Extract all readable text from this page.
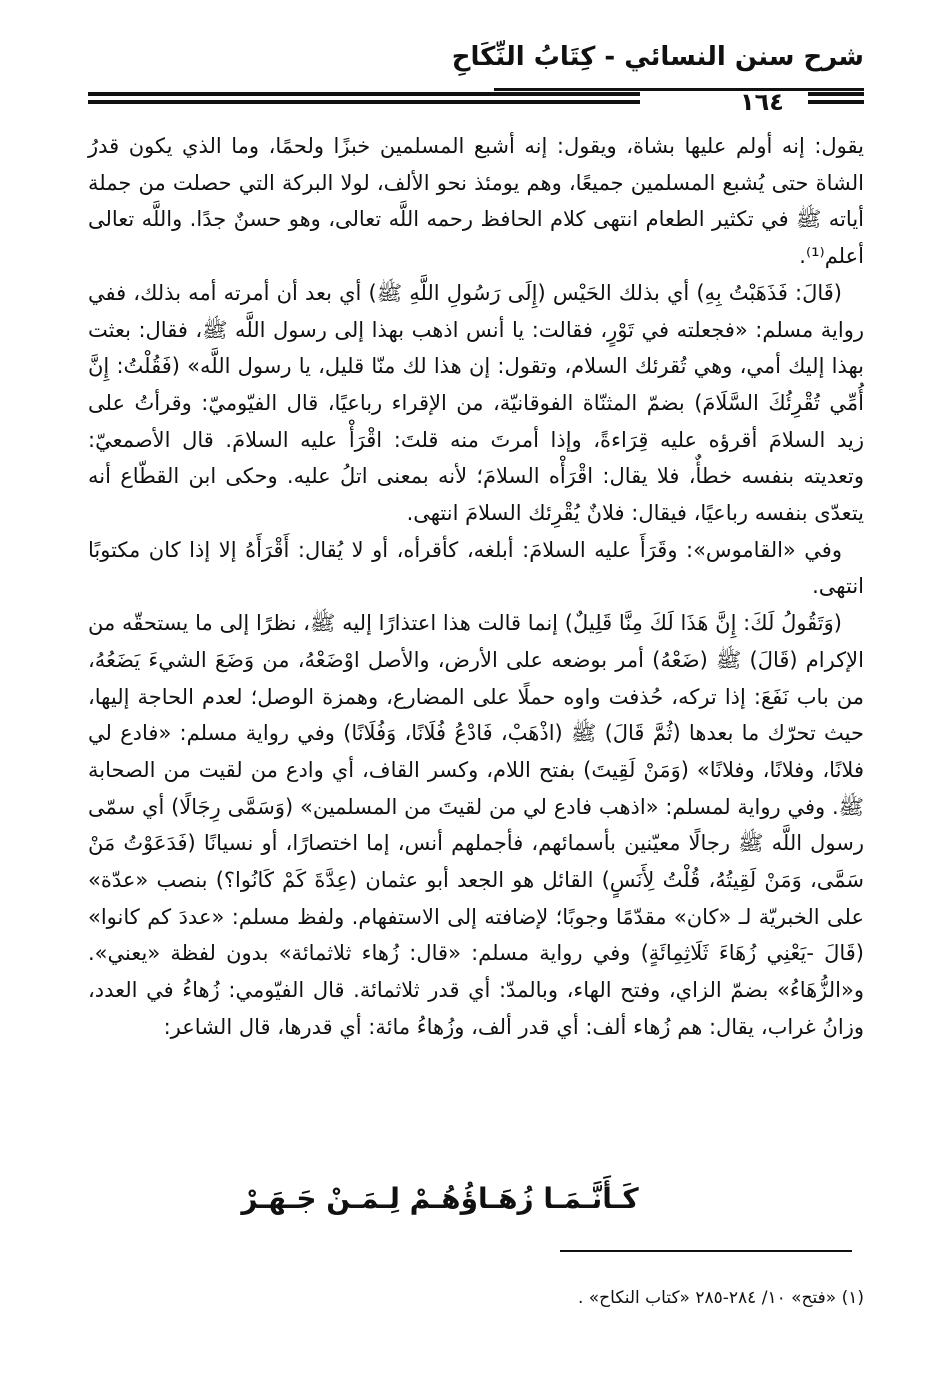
شرح سنن النسائي - كِتَابُ النِّكَاحِ
١٦٤

يقول: إنه أولم عليها بشاة، ويقول: إنه أشبع المسلمين خبزًا ولحمًا، وما الذي يكون قدرُ الشاة حتى يُشبع المسلمين جميعًا، وهم يومئذ نحو الألف، لولا البركة التي حصلت من جملة أياته ﷺ في تكثير الطعام انتهى كلام الحافظ رحمه اللَّه تعالى، وهو حسنٌ جدًا. واللَّه تعالى أعلم⁽¹⁾.

(قَالَ: فَذَهَبْتُ بِهِ) أي بذلك الحَيْس (إِلَى رَسُولِ اللَّهِ ﷺ) أي بعد أن أمرته أمه بذلك، ففي رواية مسلم: «فجعلته في تَوْرٍ، فقالت: يا أنس اذهب بهذا إلى رسول اللَّه ﷺ، فقال: بعثت بهذا إليك أمي، وهي تُقرئك السلام، وتقول: إن هذا لك منّا قليل، يا رسول اللَّه» (فَقُلْتُ: إِنَّ أُمِّي تُقْرِئُكَ السَّلَامَ) بضمّ المثنّاة الفوقانيّة، من الإقراء رباعيًا، قال الفيّوميّ: وقرأتُ على زيد السلامَ أقرؤه عليه قِرَاءةً، وإذا أمرتَ منه قلتَ: اقْرَأْ عليه السلامَ. قال الأصمعيّ: وتعديته بنفسه خطأٌ، فلا يقال: اقْرَأْه السلامَ؛ لأنه بمعنى اتلُ عليه. وحكى ابن القطّاع أنه يتعدّى بنفسه رباعيًا، فيقال: فلانٌ يُقْرِئك السلامَ انتهى.

وفي «القاموس»: وقَرَأَ عليه السلامَ: أبلغه، كأقرأه، أو لا يُقال: أَقْرَأَهُ إلا إذا كان مكتوبًا انتهى.

(وَتَقُولُ لَكَ: إِنَّ هَذَا لَكَ مِنَّا قَلِيلٌ) إنما قالت هذا اعتذارًا إليه ﷺ، نظرًا إلى ما يستحقّه من الإكرام (قَالَ) ﷺ (ضَعْهُ) أمر بوضعه على الأرض، والأصل اوْضَعْهُ، من وَضَعَ الشيءَ يَضَعُهُ، من باب نَفَعَ: إذا تركه، حُذفت واوه حملًا على المضارع، وهمزة الوصل؛ لعدم الحاجة إليها، حيث تحرّك ما بعدها (ثُمَّ قَالَ) ﷺ (اذْهَبْ، فَادْعُ فُلَانًا، وَفُلَانًا) وفي رواية مسلم: «فادع لي فلانًا، وفلانًا، وفلانًا» (وَمَنْ لَقِيتَ) بفتح اللام، وكسر القاف، أي وادع من لقيت من الصحابة ﷺ. وفي رواية لمسلم: «اذهب فادع لي من لقيتَ من المسلمين» (وَسَمَّى رِجَالًا) أي سمّى رسول اللَّه ﷺ رجالًا معيّنين بأسمائهم، فأجملهم أنس، إما اختصارًا، أو نسيانًا (فَدَعَوْتُ مَنْ سَمَّى، وَمَنْ لَقِيتُهُ، قُلْتُ لِأَنَسٍ) القائل هو الجعد أبو عثمان (عِدَّةَ كَمْ كَانُوا؟) بنصب «عدّة» على الخبريّة لـ «كان» مقدّمًا وجوبًا؛ لإضافته إلى الاستفهام. ولفظ مسلم: «عددَ كم كانوا» (قَالَ -يَعْنِي زُهَاءَ ثَلَاثِمِائَةٍ) وفي رواية مسلم: «قال: زُهاء ثلاثمائة» بدون لفظة «يعني». و«الزُّهَاءُ» بضمّ الزاي، وفتح الهاء، وبالمدّ: أي قدر ثلاثمائة. قال الفيّومي: زُهاءُ في العدد، وزانُ غراب، يقال: هم زُهاء ألف: أي قدر ألف، وزُهاءُ مائة: أي قدرها، قال الشاعر:

كَـأَنَّـمَـا زُهَـاؤُهُـمْ لِـمَـنْ جَـهَـرْ
(١) «فتح» ١٠/ ٢٨٤-٢٨٥ «كتاب النكاح» .
